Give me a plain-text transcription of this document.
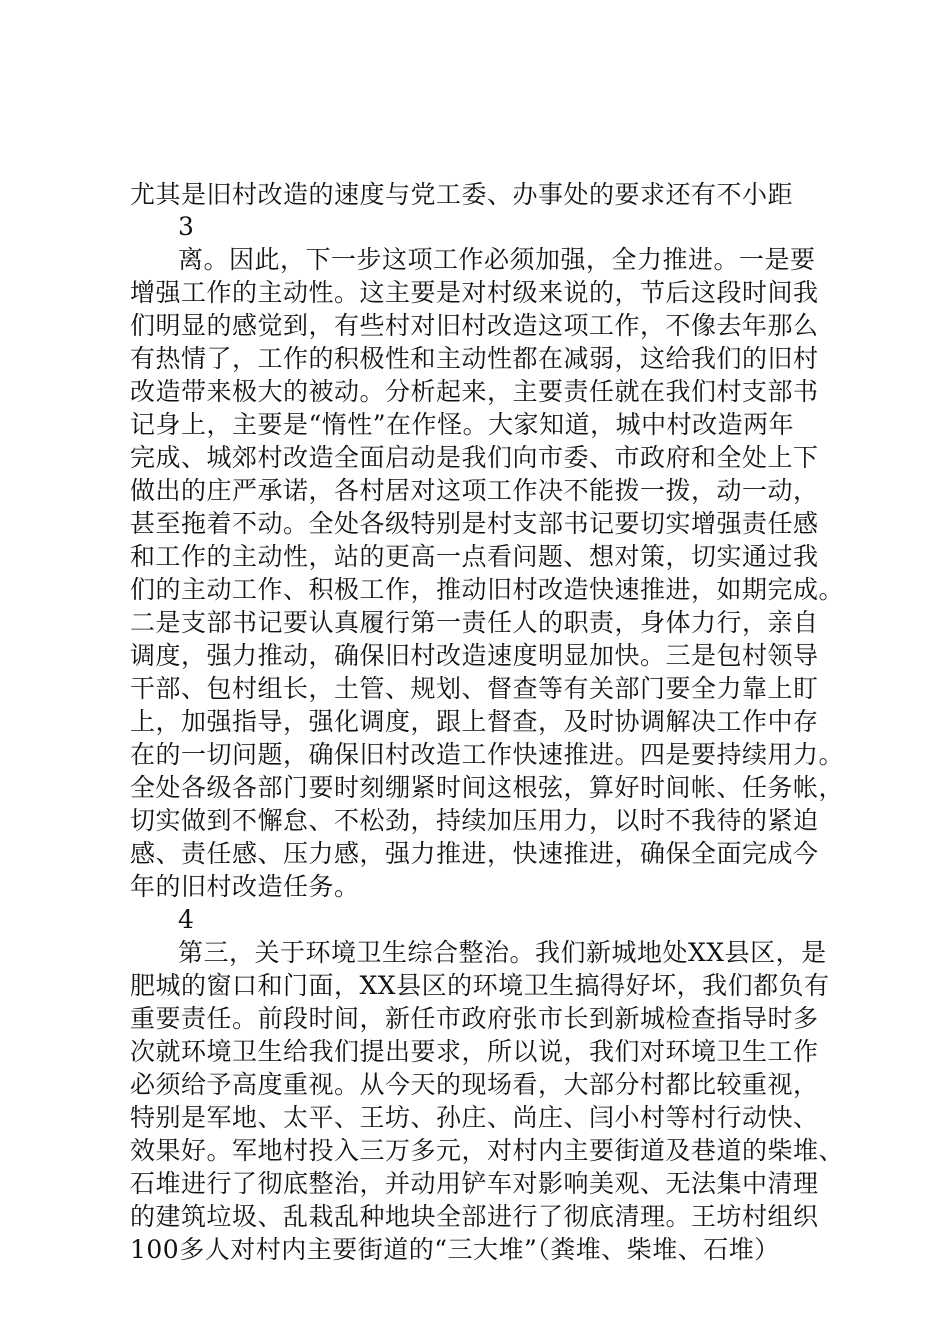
尤其是旧村改造的速度与党工委、办事处的要求还有不小距
3
离。因此，下一步这项工作必须加强，全力推进。一是要
增强工作的主动性。这主要是对村级来说的，节后这段时间我
们明显的感觉到，有些村对旧村改造这项工作，不像去年那么
有热情了，工作的积极性和主动性都在减弱，这给我们的旧村
改造带来极大的被动。分析起来，主要责任就在我们村支部书
记身上，主要是“惰性”在作怪。大家知道，城中村改造两年
完成、城郊村改造全面启动是我们向市委、市政府和全处上下
做出的庄严承诺，各村居对这项工作决不能拨一拨，动一动，
甚至拖着不动。全处各级特别是村支部书记要切实增强责任感
和工作的主动性，站的更高一点看问题、想对策，切实通过我
们的主动工作、积极工作，推动旧村改造快速推进，如期完成。
二是支部书记要认真履行第一责任人的职责，身体力行，亲自
调度，强力推动，确保旧村改造速度明显加快。三是包村领导
干部、包村组长，土管、规划、督查等有关部门要全力靠上盯
上，加强指导，强化调度，跟上督查，及时协调解决工作中存
在的一切问题，确保旧村改造工作快速推进。四是要持续用力。
全处各级各部门要时刻绷紧时间这根弦，算好时间帐、任务帐，
切实做到不懈怠、不松劲，持续加压用力，以时不我待的紧迫
感、责任感、压力感，强力推进，快速推进，确保全面完成今
年的旧村改造任务。
4
第三，关于环境卫生综合整治。我们新城地处XX县区，是
肥城的窗口和门面，XX县区的环境卫生搞得好坏，我们都负有
重要责任。前段时间，新任市政府张市长到新城检查指导时多
次就环境卫生给我们提出要求，所以说，我们对环境卫生工作
必须给予高度重视。从今天的现场看，大部分村都比较重视，
特别是军地、太平、王坊、孙庄、尚庄、闫小村等村行动快、
效果好。军地村投入三万多元，对村内主要街道及巷道的柴堆、
石堆进行了彻底整治，并动用铲车对影响美观、无法集中清理
的建筑垃圾、乱栽乱种地块全部进行了彻底清理。王坊村组织
100多人对村内主要街道的“三大堆”（粪堆、柴堆、石堆）
